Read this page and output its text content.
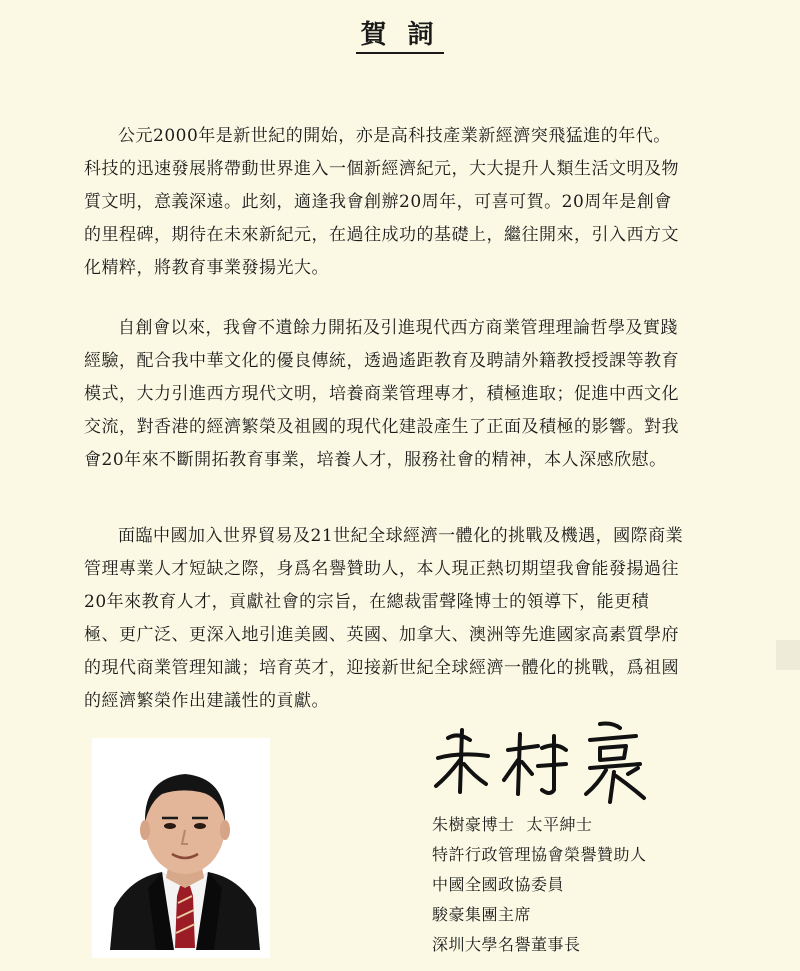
賀 詞

公元2000年是新世紀的開始，亦是高科技產業新經濟突飛猛進的年代。科技的迅速發展將帶動世界進入一個新經濟紀元，大大提升人類生活文明及物質文明，意義深遠。此刻，適逢我會創辦20周年，可喜可賀。20周年是創會的里程碑，期待在未來新紀元，在過往成功的基礎上，繼往開來，引入西方文化精粹，將教育事業發揚光大。

自創會以來，我會不遺餘力開拓及引進現代西方商業管理理論哲學及實踐經驗，配合我中華文化的優良傳統，透過遙距教育及聘請外籍教授授課等教育模式，大力引進西方現代文明，培養商業管理專才，積極進取；促進中西文化交流，對香港的經濟繁榮及祖國的現代化建設產生了正面及積極的影響。對我會20年來不斷開拓教育事業，培養人才，服務社會的精神，本人深感欣慰。

面臨中國加入世界貿易及21世紀全球經濟一體化的挑戰及機遇，國際商業管理專業人才短缺之際，身爲名譽贊助人，本人現正熱切期望我會能發揚過往20年來教育人才，貢獻社會的宗旨，在總裁雷聲隆博士的領導下，能更積極、更广泛、更深入地引進美國、英國、加拿大、澳洲等先進國家高素質學府的現代商業管理知識；培育英才，迎接新世紀全球經濟一體化的挑戰，爲祖國的經濟繁榮作出建議性的貢獻。

朱樹豪博士 太平紳士
特許行政管理協會榮譽贊助人
中國全國政協委員
駿豪集團主席
深圳大學名譽董事長
